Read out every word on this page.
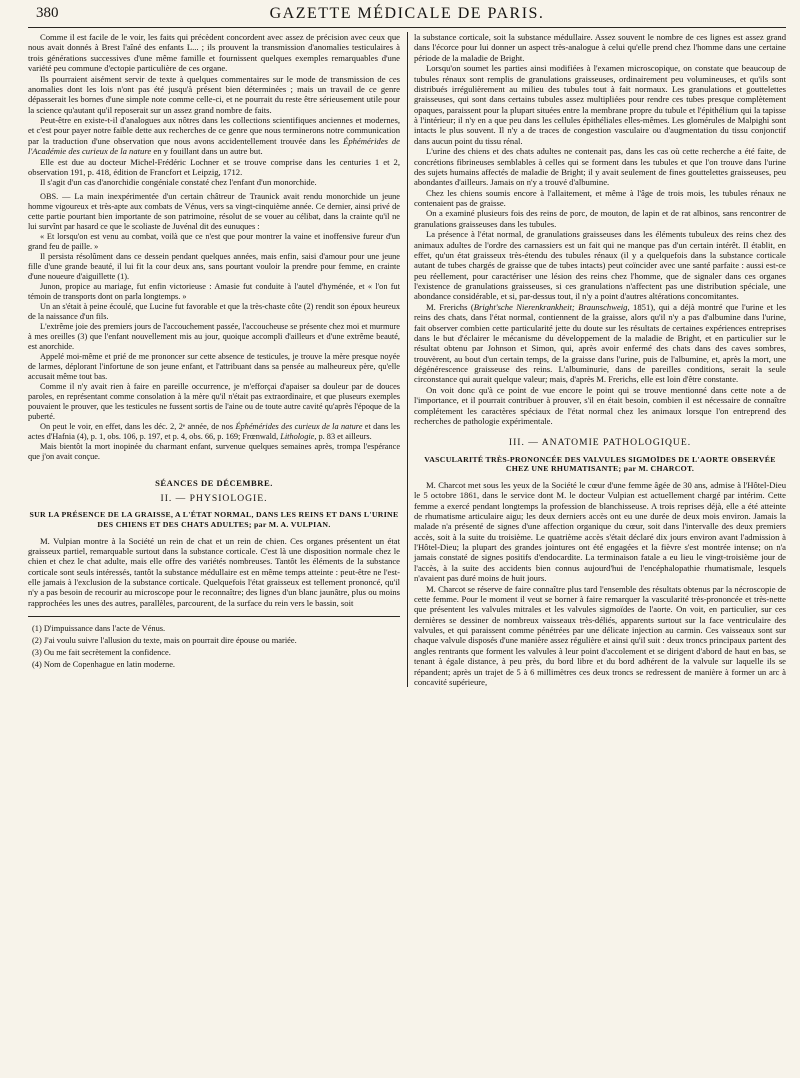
380	GAZETTE MÉDICALE DE PARIS.

Comme il est facile de le voir, les faits qui précèdent concordent avec assez de précision avec ceux que nous avait donnés à Brest l'aîné des enfants L... ; ils prouvent la transmission d'anomalies testiculaires à trois générations successives d'une même famille et fournissent quelques exemples remarquables d'une variété peu commune d'ectopie particulière de ces organe.

Ils pourraient aisément servir de texte à quelques commentaires sur le mode de transmission de ces anomalies dont les lois n'ont pas été jusqu'à présent bien déterminées ; mais un travail de ce genre dépasserait les bornes d'une simple note comme celle-ci, et ne pourrait du reste être sérieusement utile pour la science qu'autant qu'il reposerait sur un assez grand nombre de faits.

Peut-être en existe-t-il d'analogues aux nôtres dans les collections scientifiques anciennes et modernes, et c'est pour payer notre faible dette aux recherches de ce genre que nous terminerons notre communication par la traduction d'une observation que nous avons accidentellement trouvée dans les Éphémérides de l'Académie des curieux de la nature en y fouillant dans un autre but.

Elle est due au docteur Michel-Frédéric Lochner et se trouve comprise dans les centuries 1 et 2, observation 191, p. 418, édition de Francfort et Leipzig, 1712.

Il s'agit d'un cas d'anorchidie congéniale constaté chez l'enfant d'un monorchide.

OBS. — La main inexpérimentée d'un certain châtreur de Traunick avait rendu monorchide un jeune homme vigoureux et très-apte aux combats de Vénus, vers sa vingt-cinquième année. Ce dernier, ainsi privé de cette partie pourtant bien importante de son patrimoine, résolut de se vouer au célibat, dans la crainte qu'il ne lui survînt par hasard ce que le scoliaste de Juvénal dit des eunuques :

« Et lorsqu'on est venu au combat, voilà que ce n'est que pour montrer la vaine et inoffensive fureur d'un grand feu de paille. »

Il persista résolûment dans ce dessein pendant quelques années, mais enfin, saisi d'amour pour une jeune fille d'une grande beauté, il lui fit la cour deux ans, sans pourtant vouloir la prendre pour femme, en crainte d'une noueure d'aiguillette (1).

Junon, propice au mariage, fut enfin victorieuse : Amasie fut conduite à l'autel d'hyménée, et « l'on fut témoin de transports dont on parla longtemps. »

Un an s'était à peine écoulé, que Lucine fut favorable et que la très-chaste côte (2) rendit son époux heureux de la naissance d'un fils.

L'extrême joie des premiers jours de l'accouchement passée, l'accoucheuse se présente chez moi et murmure à mes oreilles (3) que l'enfant nouvellement mis au jour, quoique accompli d'ailleurs et d'une extrême beauté, est anorchide.

Appelé moi-même et prié de me prononcer sur cette absence de testicules, je trouve la mère presque noyée de larmes, déplorant l'infortune de son jeune enfant, et l'attribuant dans sa pensée au malheureux père, qu'elle accusait même tout bas.

Comme il n'y avait rien à faire en pareille occurrence, je m'efforçai d'apaiser sa douleur par de douces paroles, en représentant comme consolation à la mère qu'il n'était pas extraordinaire, et que pluseurs exemples pouvaient le prouver, que les testicules ne fussent sortis de l'aine ou de toute autre cavité qu'après l'époque de la puberté.

On peut le voir, en effet, dans les déc. 2, 2ᵉ année, de nos Éphémérides des curieux de la nature et dans les actes d'Hafnia (4), p. 1, obs. 106, p. 197, et p. 4, obs. 66, p. 169; Frœnwald, Lithologie, p. 83 et ailleurs.

Mais bientôt la mort inopinée du charmant enfant, survenue quelques semaines après, trompa l'espérance que j'on avait conçue.

SÉANCES DE DÉCEMBRE.
II. — PHYSIOLOGIE.
SUR LA PRÉSENCE DE LA GRAISSE, A L'ÉTAT NORMAL, DANS LES REINS ET DANS L'URINE DES CHIENS ET DES CHATS ADULTES; par M. A. VULPIAN.

M. Vulpian montre à la Société un rein de chat et un rein de chien. Ces organes présentent un état graisseux partiel, remarquable surtout dans la substance corticale. C'est là une disposition normale chez le chien et chez le chat adulte, mais elle offre des variétés nombreuses. Tantôt les éléments de la substance corticale sont seuls intéressés, tantôt la substance médullaire est en même temps atteinte : peut-être ne l'est-elle jamais à l'exclusion de la substance corticale. Quelquefois l'état graisseux est tellement prononcé, qu'il n'y a pas besoin de recourir au microscope pour le reconnaître; des lignes d'un blanc jaunâtre, plus ou moins rapprochées les unes des autres, parallèles, parcourent, de la surface du rein vers le bassin, soit

(1) D'impuissance dans l'acte de Vénus.
(2) J'ai voulu suivre l'allusion du texte, mais on pourrait dire épouse ou mariée.
(3) Ou me fait secrètement la confidence.
(4) Nom de Copenhague en latin moderne.

la substance corticale, soit la substance médullaire. Assez souvent le nombre de ces lignes est assez grand dans l'écorce pour lui donner un aspect très-analogue à celui qu'elle prend chez l'homme dans une certaine période de la maladie de Bright.

Lorsqu'on soumet les parties ainsi modifiées à l'examen microscopique, on constate que beaucoup de tubules rénaux sont remplis de granulations graisseuses, ordinairement peu volumineuses, et qu'ils sont distribués irrégulièrement au milieu des tubules tout à fait normaux. Les granulations et gouttelettes graisseuses, qui sont dans certains tubules assez multipliées pour rendre ces tubes presque complètement opaques, paraissent pour la plupart situées entre la membrane propre du tubule et l'épithélium qui la tapisse à l'intérieur; il n'y en a que peu dans les cellules épithéliales elles-mêmes. Les glomérules de Malpighi sont intacts le plus souvent. Il n'y a de traces de congestion vasculaire ou d'augmentation du tissu conjonctif dans aucun point du tissu rénal.

L'urine des chiens et des chats adultes ne contenait pas, dans les cas où cette recherche a été faite, de concrétions fibrineuses semblables à celles qui se forment dans les tubules et que l'on trouve dans l'urine des sujets humains affectés de maladie de Bright; il y avait seulement de fines gouttelettes graisseuses, peu abondantes d'ailleurs. Jamais on n'y a trouvé d'albumine.

Chez les chiens soumis encore à l'allaitement, et même à l'âge de trois mois, les tubules rénaux ne contenaient pas de graisse.

On a examiné plusieurs fois des reins de porc, de mouton, de lapin et de rat albinos, sans rencontrer de granulations graisseuses dans les tubules.

La présence à l'état normal, de granulations graisseuses dans les éléments tubuleux des reins chez des animaux adultes de l'ordre des carnassiers est un fait qui ne manque pas d'un certain intérêt. Il établit, en effet, qu'un état graisseux très-étendu des tubules rénaux (il y a quelquefois dans la substance corticale autant de tubes chargés de graisse que de tubes intacts) peut coïncider avec une santé parfaite : aussi est-ce peu réellement, pour caractériser une lésion des reins chez l'homme, que de signaler dans ces organes l'existence de granulations graisseuses, si ces granulations n'affectent pas une distribution spéciale, une abondance considérable, et si, par-dessus tout, il n'y a point d'autres altérations concomitantes.

M. Frerichs (Bright'sche Nierenkrankheit; Braunschweig, 1851), qui a déjà montré que l'urine et les reins des chats, dans l'état normal, contiennent de la graisse, alors qu'il n'y a pas d'albumine dans l'urine, fait observer combien cette particularité jette du doute sur les résultats de certaines expériences entreprises dans le but d'éclairer le mécanisme du développement de la maladie de Bright, et en particulier sur le résultat obtenu par Johnson et Simon, qui, après avoir enfermé des chats dans des caves sombres, trouvèrent, au bout d'un certain temps, de la graisse dans l'urine, puis de l'albumine, et, après la mort, une dégénérescence graisseuse des reins. L'albuminurie, dans de pareilles conditions, serait la seule circonstance qui aurait quelque valeur; mais, d'après M. Frerichs, elle est loin d'être constante.

On voit donc qu'à ce point de vue encore le point qui se trouve mentionné dans cette note a de l'importance, et il pourrait contribuer à prouver, s'il en était besoin, combien il est nécessaire de connaître complétement les caractères spéciaux de l'état normal chez les animaux lorsque l'on entreprend des recherches de pathologie expérimentale.

III. — ANATOMIE PATHOLOGIQUE.
VASCULARITÉ TRÈS-PRONONCÉE DES VALVULES SIGMOÏDES DE L'AORTE OBSERVÉE CHEZ UNE RHUMATISANTE; par M. CHARCOT.

M. Charcot met sous les yeux de la Société le cœur d'une femme âgée de 30 ans, admise à l'Hôtel-Dieu le 5 octobre 1861, dans le service dont M. le docteur Vulpian est actuellement chargé par intérim. Cette femme a exercé pendant longtemps la profession de blanchisseuse. A trois reprises déjà, elle a été atteinte de rhumatisme articulaire aigu; les deux derniers accès ont eu une durée de deux mois environ. Jamais la malade n'a présenté de signes d'une affection organique du cœur, soit dans l'intervalle des deux premiers accès, soit à la suite du troisième. Le quatrième accès s'était déclaré dix jours environ avant l'admission à l'Hôtel-Dieu; la plupart des grandes jointures ont été engagées et la fièvre s'est montrée intense; on n'a jamais constaté de signes positifs d'endocardite. La terminaison fatale a eu lieu le vingt-troisième jour de l'accès, à la suite des accidents bien connus aujourd'hui de l'encéphalopathie rhumatismale, lesquels n'avaient pas duré moins de huit jours.

M. Charcot se réserve de faire connaître plus tard l'ensemble des résultats obtenus par la nécroscopie de cette femme. Pour le moment il veut se borner à faire remarquer la vascularité très-prononcée et très-nette que présentent les valvules mitrales et les valvules sigmoïdes de l'aorte. On voit, en particulier, sur ces dernières se dessiner de nombreux vaisseaux très-déliés, apparents surtout sur la face ventriculaire des valvules, et qui paraissent comme pénétrées par une délicate injection au carmin. Ces vaisseaux sont sur chaque valvule disposés d'une manière assez régulière et ainsi qu'il suit : deux troncs principaux partent des angles rentrants que forment les valvules à leur point d'accolement et se dirigent d'abord de haut en bas, se tenant à égale distance, à peu près, du bord libre et du bord adhérent de la valvule sur laquelle ils se répandent; après un trajet de 5 à 6 millimètres ces deux troncs se redressent de manière à former un arc à concavité supérieure,
